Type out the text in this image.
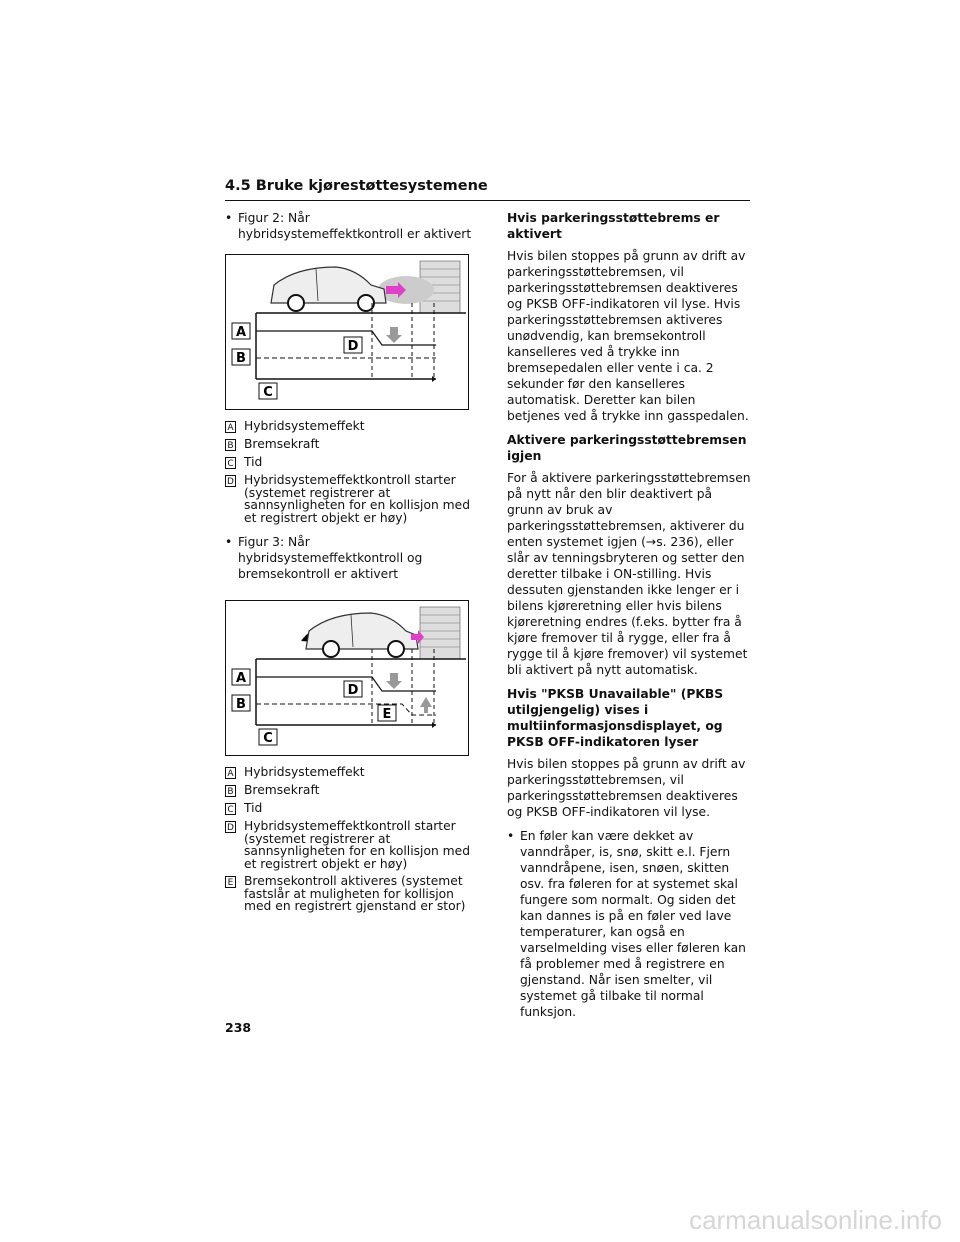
4.5 Bruke kjørestøttesystemene
• Figur 2: Når hybridsystemeffektkontroll er aktivert
A
B
C
D
A Hybridsystemeffekt
B Bremsekraft
C Tid
D Hybridsystemeffektkontroll starter (systemet registrerer at sannsynligheten for en kollisjon med et registrert objekt er høy)
• Figur 3: Når hybridsystemeffektkontroll og bremsekontroll er aktivert
A
B
C
D
E
A Hybridsystemeffekt
B Bremsekraft
C Tid
D Hybridsystemeffektkontroll starter (systemet registrerer at sannsynligheten for en kollisjon med et registrert objekt er høy)
E Bremsekontroll aktiveres (systemet fastslår at muligheten for kollisjon med en registrert gjenstand er stor)
Hvis parkeringsstøttebrems er aktivert

Hvis bilen stoppes på grunn av drift av parkeringsstøttebremsen, vil parkeringsstøttebremsen deaktiveres og PKSB OFF-indikatoren vil lyse. Hvis parkeringsstøttebremsen aktiveres unødvendig, kan bremsekontroll kanselleres ved å trykke inn bremsepedalen eller vente i ca. 2 sekunder før den kanselleres automatisk. Deretter kan bilen betjenes ved å trykke inn gasspedalen.

Aktivere parkeringsstøttebremsen igjen

For å aktivere parkeringsstøttebremsen på nytt når den blir deaktivert på grunn av bruk av parkeringsstøttebremsen, aktiverer du enten systemet igjen (→s. 236), eller slår av tenningsbryteren og setter den deretter tilbake i ON-stilling. Hvis dessuten gjenstanden ikke lenger er i bilens kjøreretning eller hvis bilens kjøreretning endres (f.eks. bytter fra å kjøre fremover til å rygge, eller fra å rygge til å kjøre fremover) vil systemet bli aktivert på nytt automatisk.

Hvis "PKSB Unavailable" (PKBS utilgjengelig) vises i multiinformasjonsdisplayet, og PKSB OFF-indikatoren lyser

Hvis bilen stoppes på grunn av drift av parkeringsstøttebremsen, vil parkeringsstøttebremsen deaktiveres og PKSB OFF-indikatoren vil lyse.

• En føler kan være dekket av vanndråper, is, snø, skitt e.l. Fjern vanndråpene, isen, snøen, skitten osv. fra føleren for at systemet skal fungere som normalt. Og siden det kan dannes is på en føler ved lave temperaturer, kan også en varselmelding vises eller føleren kan få problemer med å registrere en gjenstand. Når isen smelter, vil systemet gå tilbake til normal funksjon.
238
carmanualsonline.info
